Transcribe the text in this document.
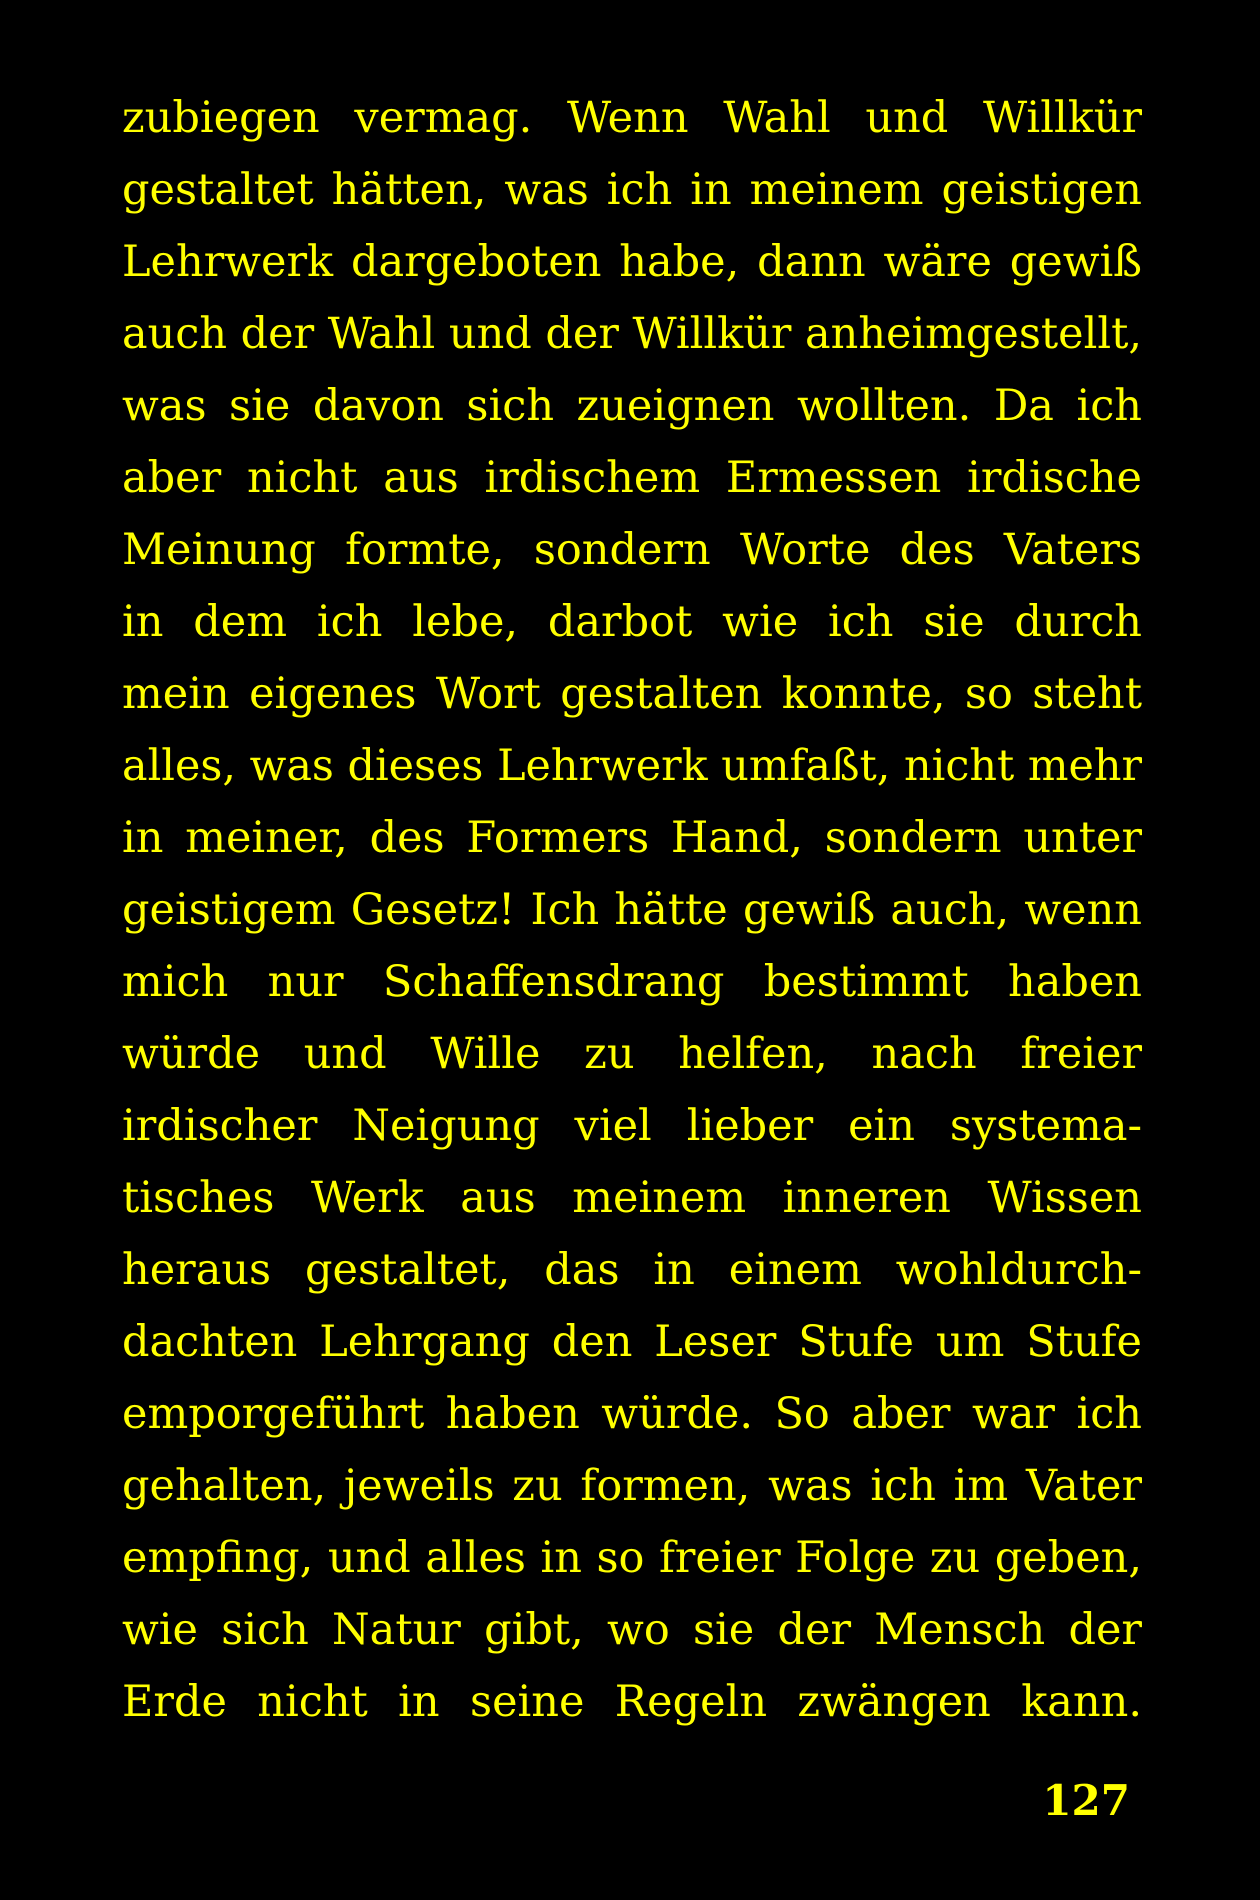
zubiegen vermag. Wenn Wahl und Willkür
gestaltet hätten, was ich in meinem geistigen
Lehrwerk dargeboten habe, dann wäre gewiß
auch der Wahl und der Willkür anheimgestellt,
was sie davon sich zueignen wollten. Da ich
aber nicht aus irdischem Ermessen irdische
Meinung formte, sondern Worte des Vaters
in dem ich lebe, darbot wie ich sie durch
mein eigenes Wort gestalten konnte, so steht
alles, was dieses Lehrwerk umfaßt, nicht mehr
in meiner, des Formers Hand, sondern unter
geistigem Gesetz! Ich hätte gewiß auch, wenn
mich nur Schaffensdrang bestimmt haben
würde und Wille zu helfen, nach freier
irdischer Neigung viel lieber ein systema-
tisches Werk aus meinem inneren Wissen
heraus gestaltet, das in einem wohldurch-
dachten Lehrgang den Leser Stufe um Stufe
emporgeführt haben würde. So aber war ich
gehalten, jeweils zu formen, was ich im Vater
empfing, und alles in so freier Folge zu geben,
wie sich Natur gibt, wo sie der Mensch der
Erde nicht in seine Regeln zwängen kann.
127
